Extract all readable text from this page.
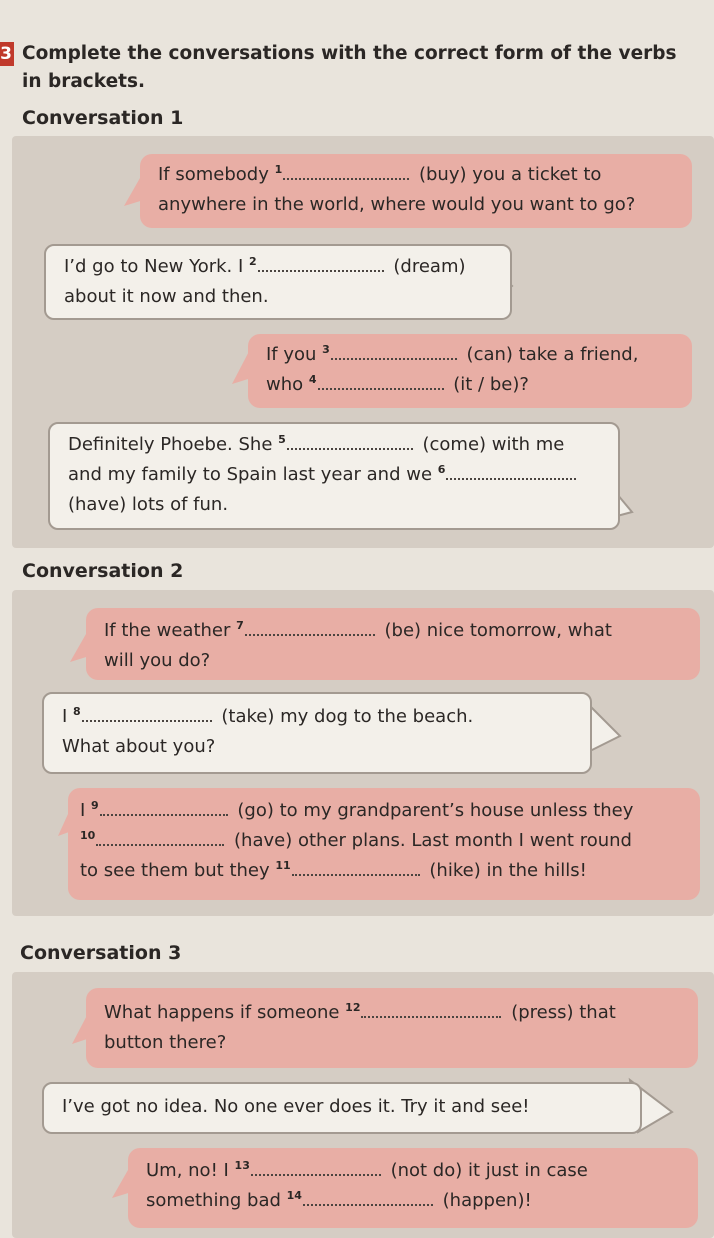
3 Complete the conversations with the correct form of the verbs in brackets.
Conversation 1
If somebody $^1$	(buy) you a ticket to
anywhere in the world, where would you want to go?
I’d go to New York. I $^2$	(dream)
about it now and then.
If you $^3$	(can) take a friend,
who $^4$	(it / be)?
Definitely Phoebe. She $^5$	(come) with me
and my family to Spain last year and we $^6$
(have) lots of fun.
Conversation 2
If the weather $^7$	(be) nice tomorrow, what
will you do?
I $^8$	(take) my dog to the beach.
What about you?
I $^9$	(go) to my grandparent’s house unless they
$^{10}$	(have) other plans. Last month I went round
to see them but they $^{11}$	(hike) in the hills!
Conversation 3
What happens if someone $^{12}$	(press) that
button there?
I’ve got no idea. No one ever does it. Try it and see!
Um, no! I $^{13}$	(not do) it just in case
something bad $^{14}$	(happen)!
